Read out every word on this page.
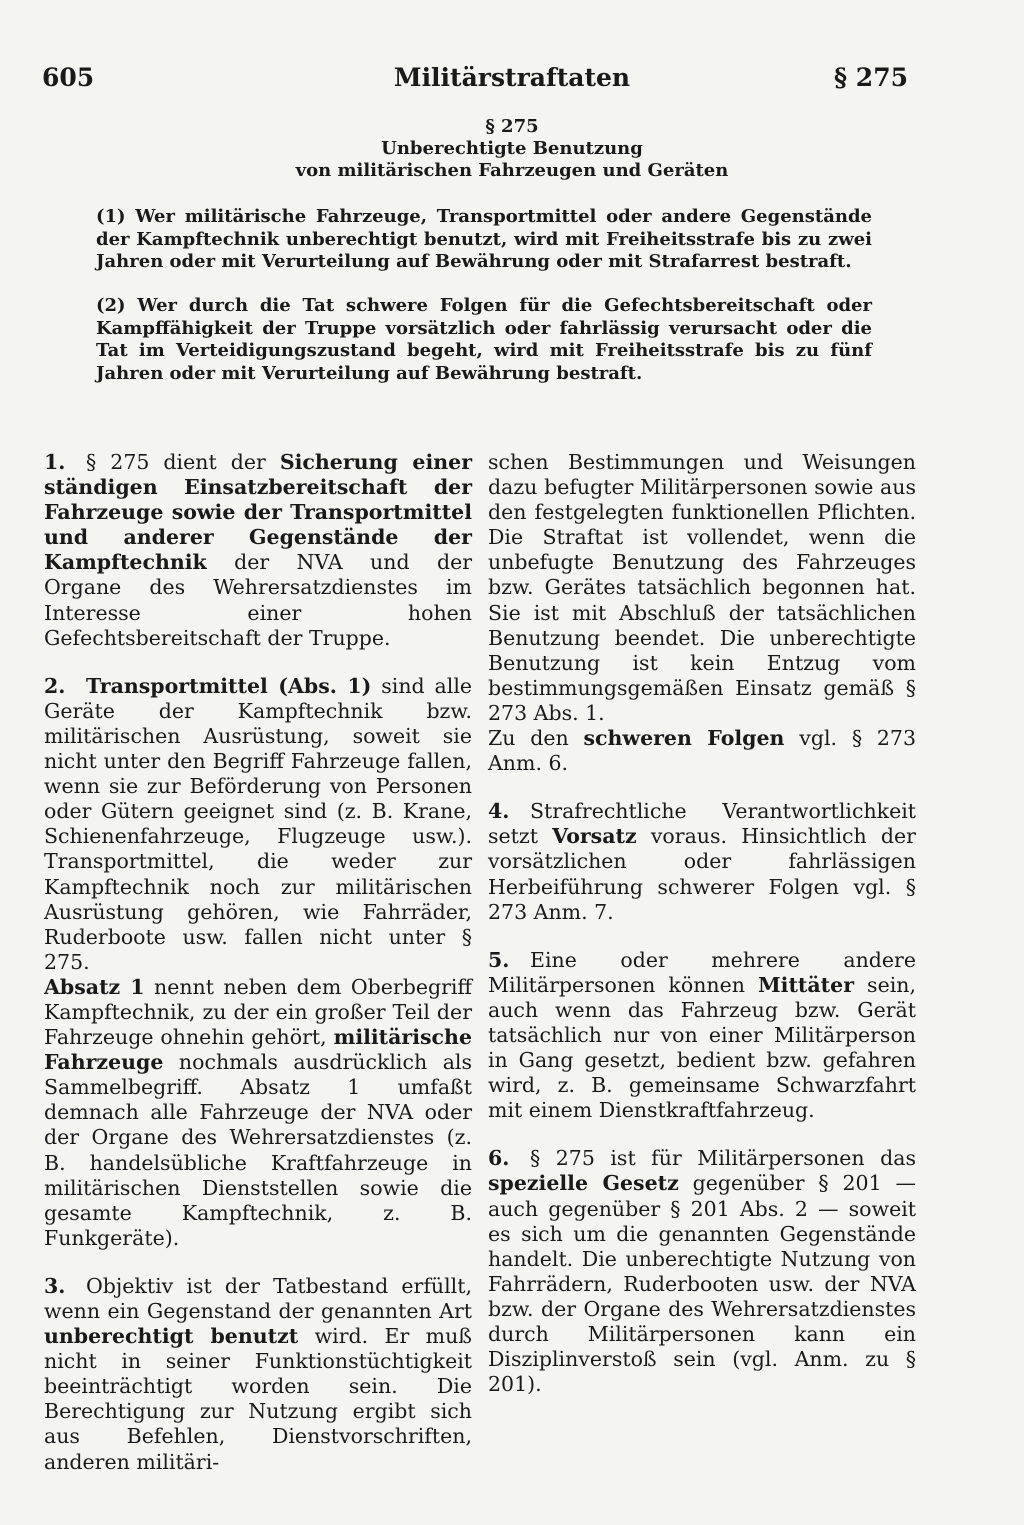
605	Militärstraftaten	§ 275
§ 275
Unberechtigte Benutzung
von militärischen Fahrzeugen und Geräten

(1) Wer militärische Fahrzeuge, Transportmittel oder andere Gegenstände der Kampftechnik unberechtigt benutzt, wird mit Freiheitsstrafe bis zu zwei Jahren oder mit Verurteilung auf Bewährung oder mit Strafarrest bestraft.

(2) Wer durch die Tat schwere Folgen für die Gefechtsbereitschaft oder Kampffähigkeit der Truppe vorsätzlich oder fahrlässig verursacht oder die Tat im Verteidigungszustand begeht, wird mit Freiheitsstrafe bis zu fünf Jahren oder mit Verurteilung auf Bewährung bestraft.

1. § 275 dient der Sicherung einer ständigen Einsatzbereitschaft der Fahrzeuge sowie der Transportmittel und anderer Gegenstände der Kampftechnik der NVA und der Organe des Wehrersatzdienstes im Interesse einer hohen Gefechtsbereitschaft der Truppe.

2. Transportmittel (Abs. 1) sind alle Geräte der Kampftechnik bzw. militärischen Ausrüstung, soweit sie nicht unter den Begriff Fahrzeuge fallen, wenn sie zur Beförderung von Personen oder Gütern geeignet sind (z. B. Krane, Schienenfahrzeuge, Flugzeuge usw.). Transportmittel, die weder zur Kampftechnik noch zur militärischen Ausrüstung gehören, wie Fahrräder, Ruderboote usw. fallen nicht unter § 275.

Absatz 1 nennt neben dem Oberbegriff Kampftechnik, zu der ein großer Teil der Fahrzeuge ohnehin gehört, militärische Fahrzeuge nochmals ausdrücklich als Sammelbegriff. Absatz 1 umfaßt demnach alle Fahrzeuge der NVA oder der Organe des Wehrersatzdienstes (z. B. handelsübliche Kraftfahrzeuge in militärischen Dienststellen sowie die gesamte Kampftechnik, z. B. Funkgeräte).

3. Objektiv ist der Tatbestand erfüllt, wenn ein Gegenstand der genannten Art unberechtigt benutzt wird. Er muß nicht in seiner Funktionstüchtigkeit beeinträchtigt worden sein. Die Berechtigung zur Nutzung ergibt sich aus Befehlen, Dienstvorschriften, anderen militäri-

schen Bestimmungen und Weisungen dazu befugter Militärpersonen sowie aus den festgelegten funktionellen Pflichten. Die Straftat ist vollendet, wenn die unbefugte Benutzung des Fahrzeuges bzw. Gerätes tatsächlich begonnen hat. Sie ist mit Abschluß der tatsächlichen Benutzung beendet. Die unberechtigte Benutzung ist kein Entzug vom bestimmungsgemäßen Einsatz gemäß § 273 Abs. 1.

Zu den schweren Folgen vgl. § 273 Anm. 6.

4. Strafrechtliche Verantwortlichkeit setzt Vorsatz voraus. Hinsichtlich der vorsätzlichen oder fahrlässigen Herbeiführung schwerer Folgen vgl. § 273 Anm. 7.

5. Eine oder mehrere andere Militärpersonen können Mittäter sein, auch wenn das Fahrzeug bzw. Gerät tatsächlich nur von einer Militärperson in Gang gesetzt, bedient bzw. gefahren wird, z. B. gemeinsame Schwarzfahrt mit einem Dienstkraftfahrzeug.

6. § 275 ist für Militärpersonen das spezielle Gesetz gegenüber § 201 — auch gegenüber § 201 Abs. 2 — soweit es sich um die genannten Gegenstände handelt. Die unberechtigte Nutzung von Fahrrädern, Ruderbooten usw. der NVA bzw. der Organe des Wehrersatzdienstes durch Militärpersonen kann ein Disziplinverstoß sein (vgl. Anm. zu § 201).
